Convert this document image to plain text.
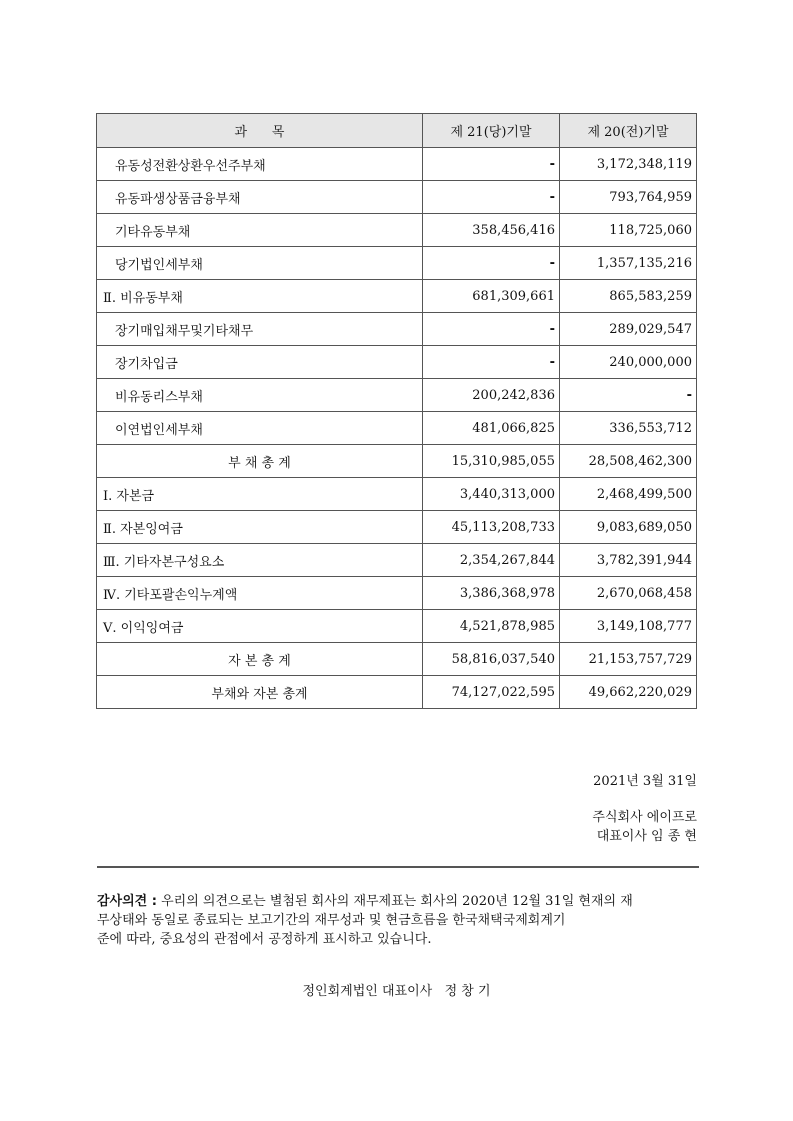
과      목	제 21(당)기말	제 20(전)기말
유동성전환상환우선주부채	-	3,172,348,119
유동파생상품금융부채	-	793,764,959
기타유동부채	358,456,416	118,725,060
당기법인세부채	-	1,357,135,216
Ⅱ. 비유동부채	681,309,661	865,583,259
장기매입채무및기타채무	-	289,029,547
장기차입금	-	240,000,000
비유동리스부채	200,242,836	-
이연법인세부채	481,066,825	336,553,712
부 채 총 계	15,310,985,055	28,508,462,300
Ⅰ. 자본금	3,440,313,000	2,468,499,500
Ⅱ. 자본잉여금	45,113,208,733	9,083,689,050
Ⅲ. 기타자본구성요소	2,354,267,844	3,782,391,944
Ⅳ. 기타포괄손익누계액	3,386,368,978	2,670,068,458
Ⅴ. 이익잉여금	4,521,878,985	3,149,108,777
자 본 총 계	58,816,037,540	21,153,757,729
부채와 자본 총계	74,127,022,595	49,662,220,029
2021년 3월 31일
주식회사 에이프로
대표이사 임 종 현
감사의견 : 우리의 의견으로는 별첨된 회사의 재무제표는 회사의 2020년 12월 31일 현재의 재
무상태와 동일로 종료되는 보고기간의 재무성과 및 현금흐름을 한국채택국제회계기
준에 따라, 중요성의 관점에서 공정하게 표시하고 있습니다.
정인회계법인 대표이사   정 창 기
